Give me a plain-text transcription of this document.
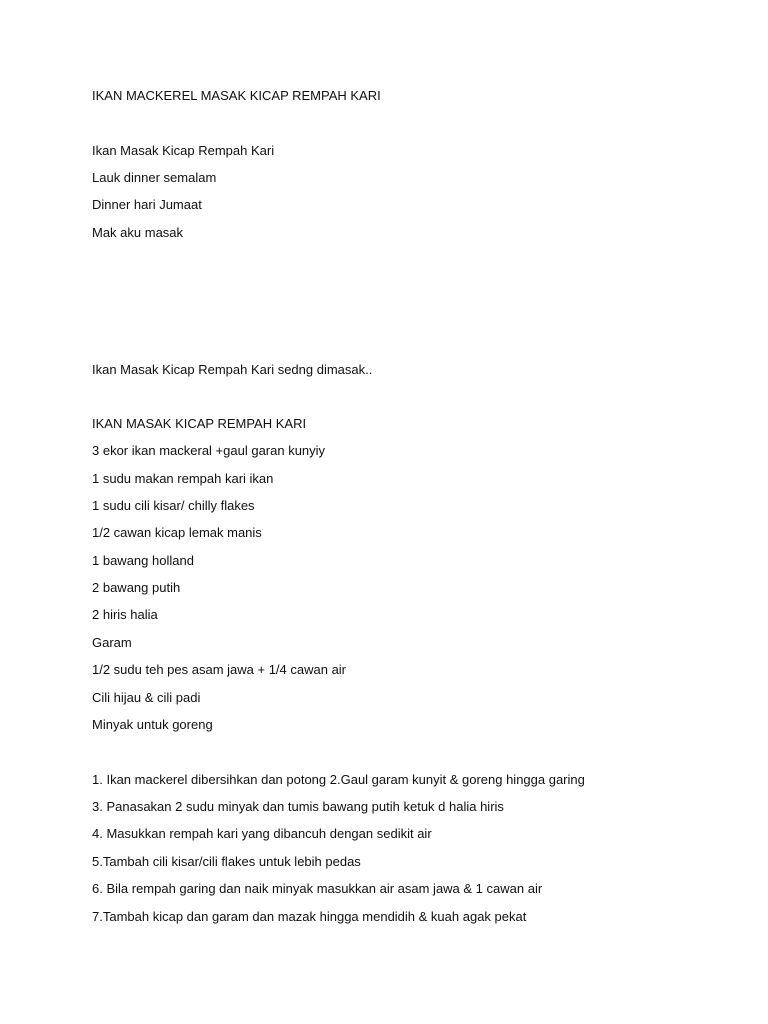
IKAN MACKEREL MASAK KICAP REMPAH KARI
Ikan Masak Kicap Rempah Kari
Lauk dinner semalam
Dinner hari Jumaat
Mak aku masak
Ikan Masak Kicap Rempah Kari sedng dimasak..
IKAN MASAK KICAP REMPAH KARI
3 ekor ikan mackeral +gaul garan kunyiy
1 sudu makan rempah kari ikan
1 sudu cili kisar/ chilly flakes
1/2 cawan kicap lemak manis
1 bawang holland
2 bawang putih
2 hiris halia
Garam
1/2 sudu teh pes asam jawa + 1/4 cawan air
Cili hijau & cili padi
Minyak untuk goreng
1. Ikan mackerel dibersihkan dan potong 2.Gaul garam kunyit & goreng hingga garing
3. Panasakan 2 sudu minyak dan tumis bawang putih ketuk d halia hiris
4. Masukkan rempah kari yang dibancuh dengan sedikit air
5.Tambah cili kisar/cili flakes untuk lebih pedas
6. Bila rempah garing dan naik minyak masukkan air asam jawa & 1 cawan air
7.Tambah kicap dan garam dan mazak hingga mendidih & kuah agak pekat
